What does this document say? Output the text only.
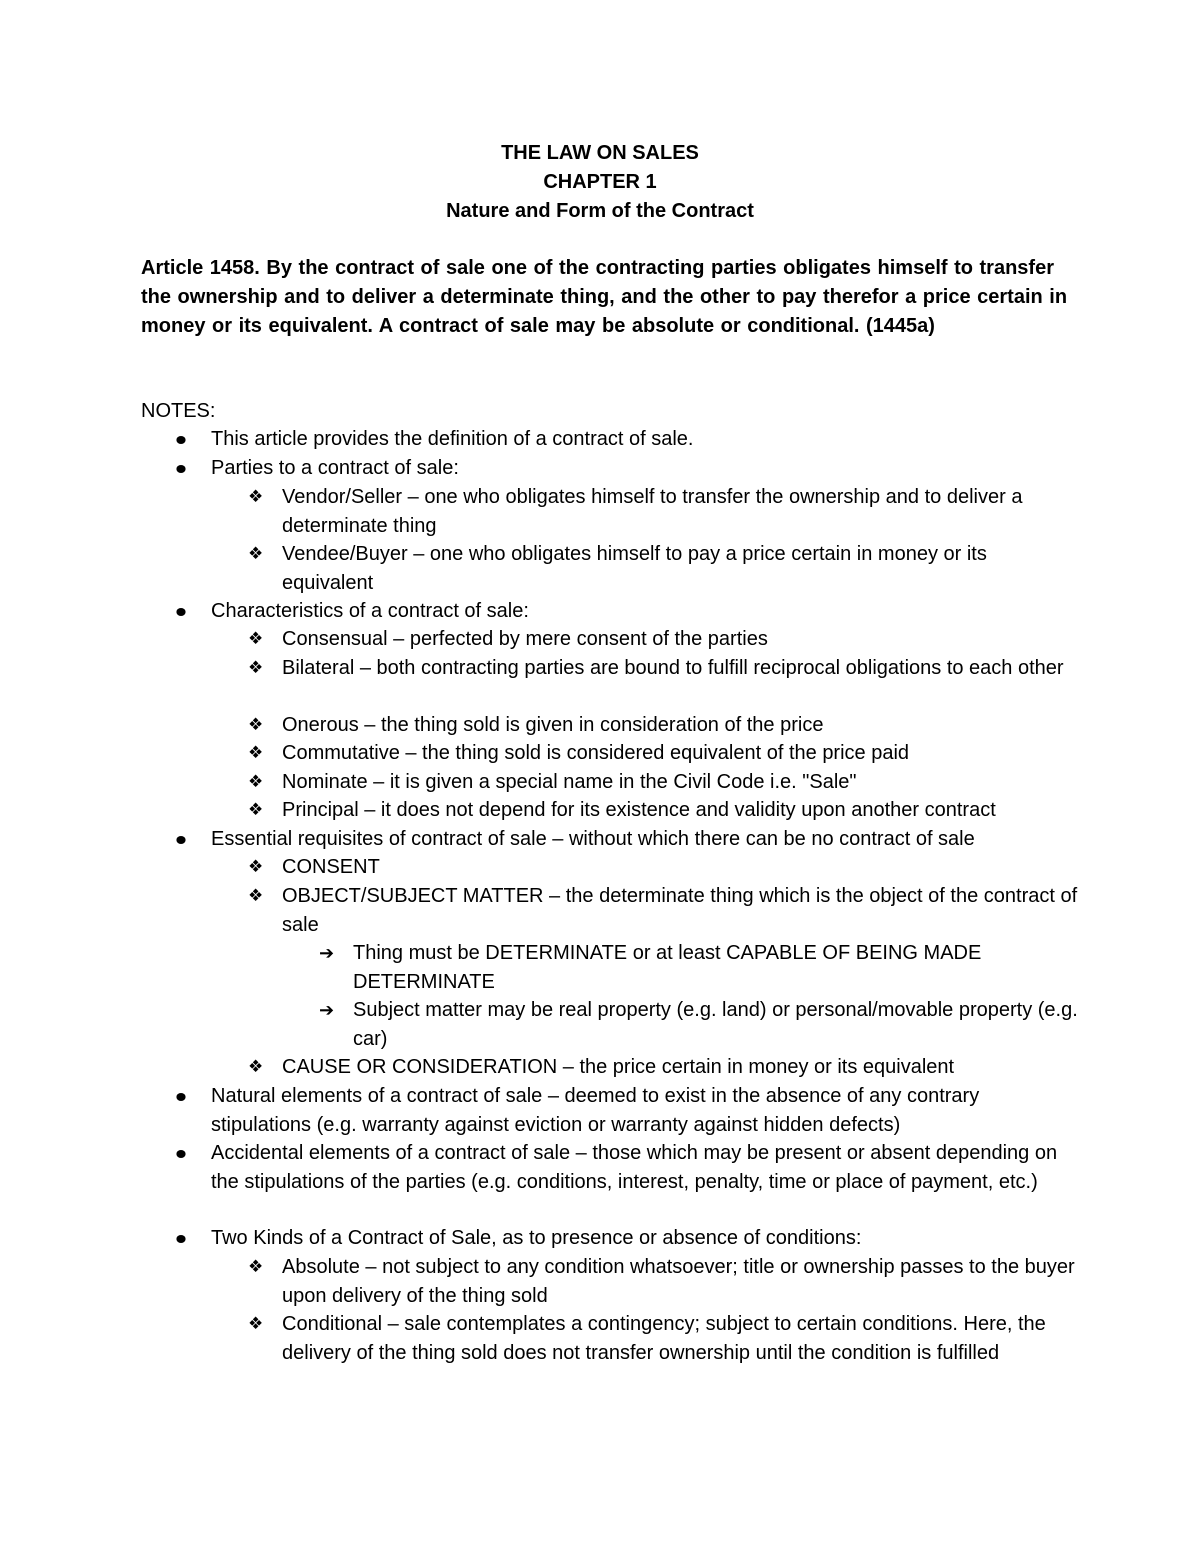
THE LAW ON SALES
CHAPTER 1
Nature and Form of the Contract
Article 1458. By the contract of sale one of the contracting parties obligates himself to transfer the ownership and to deliver a determinate thing, and the other to pay therefor a price certain in money or its equivalent. A contract of sale may be absolute or conditional. (1445a)
NOTES:
This article provides the definition of a contract of sale.
Parties to a contract of sale:
❖ Vendor/Seller – one who obligates himself to transfer the ownership and to deliver a determinate thing
❖ Vendee/Buyer – one who obligates himself to pay a price certain in money or its equivalent
Characteristics of a contract of sale:
❖ Consensual – perfected by mere consent of the parties
❖ Bilateral – both contracting parties are bound to fulfill reciprocal obligations to each other
❖ Onerous – the thing sold is given in consideration of the price
❖ Commutative – the thing sold is considered equivalent of the price paid
❖ Nominate – it is given a special name in the Civil Code i.e. "Sale"
❖ Principal – it does not depend for its existence and validity upon another contract
Essential requisites of contract of sale – without which there can be no contract of sale
❖ CONSENT
❖ OBJECT/SUBJECT MATTER – the determinate thing which is the object of the contract of sale
➔ Thing must be DETERMINATE or at least CAPABLE OF BEING MADE DETERMINATE
➔ Subject matter may be real property (e.g. land) or personal/movable property (e.g. car)
❖ CAUSE OR CONSIDERATION – the price certain in money or its equivalent
Natural elements of a contract of sale – deemed to exist in the absence of any contrary stipulations (e.g. warranty against eviction or warranty against hidden defects)
Accidental elements of a contract of sale – those which may be present or absent depending on the stipulations of the parties (e.g. conditions, interest, penalty, time or place of payment, etc.)
Two Kinds of a Contract of Sale, as to presence or absence of conditions:
❖ Absolute – not subject to any condition whatsoever; title or ownership passes to the buyer upon delivery of the thing sold
❖ Conditional – sale contemplates a contingency; subject to certain conditions. Here, the delivery of the thing sold does not transfer ownership until the condition is fulfilled
